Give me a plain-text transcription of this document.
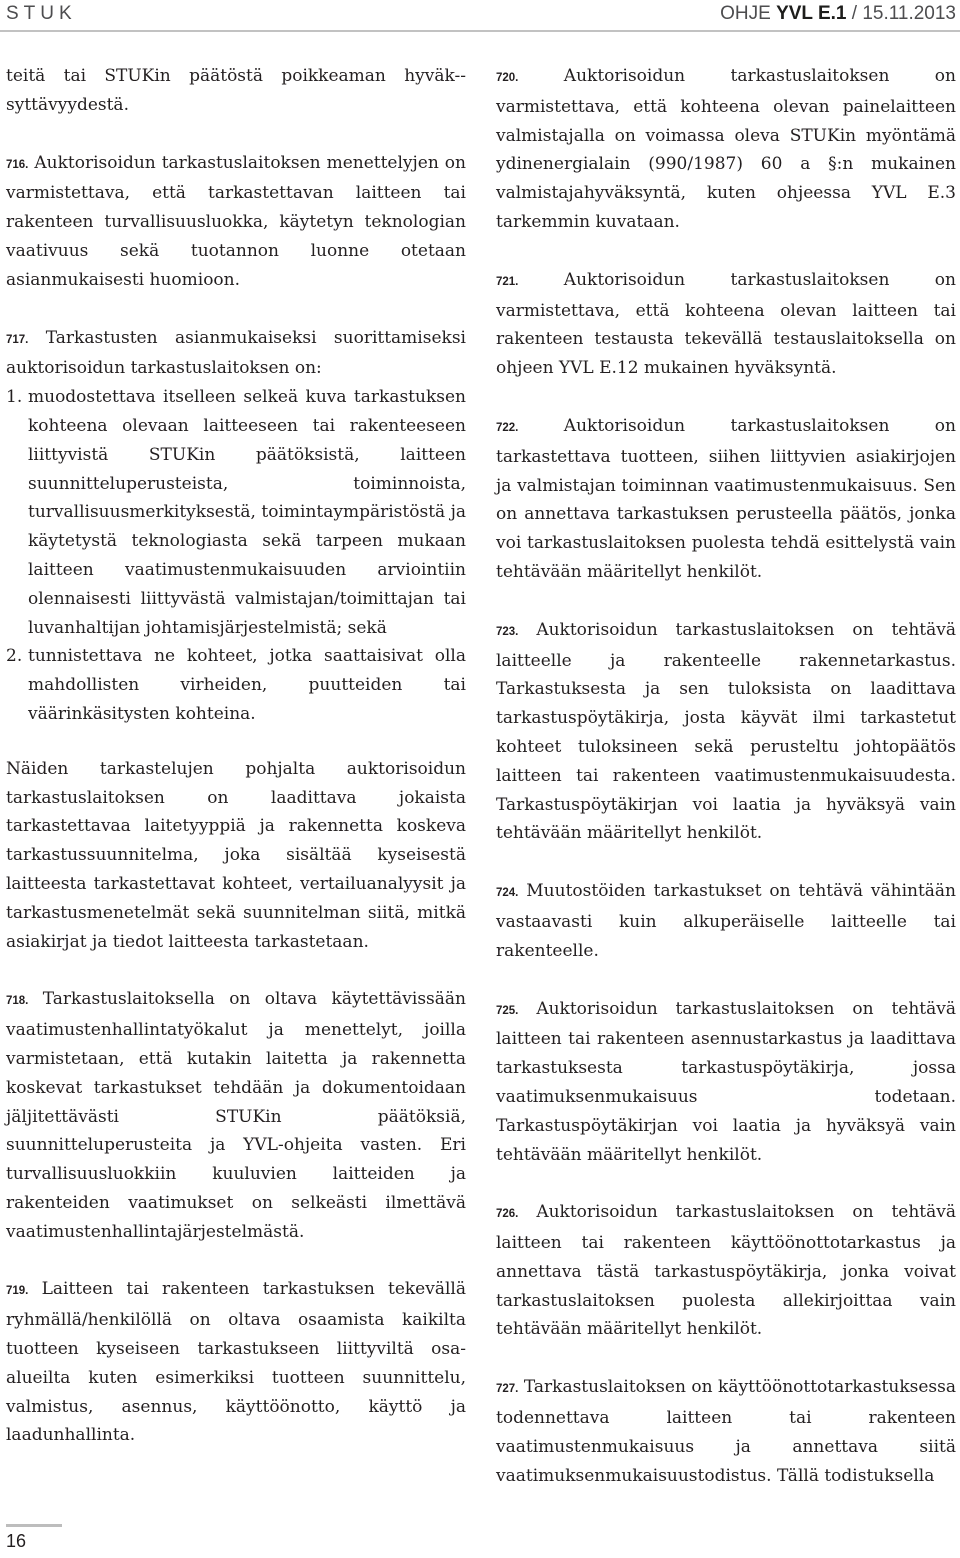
STUK	OHJE YVL E.1 / 15.11.2013

teitä tai STUKin päätöstä poikkeaman hyväk-syttävyydestä.

716. Auktorisoidun tarkastuslaitoksen menettelyjen on varmistettava, että tarkastettavan laitteen tai rakenteen turvallisuusluokka, käytetyn teknologian vaativuus sekä tuotannon luonne otetaan asianmukaisesti huomioon.

717. Tarkastusten asianmukaiseksi suorittamiseksi auktorisoidun tarkastuslaitoksen on:

1. muodostettava itselleen selkeä kuva tarkastuksen kohteena olevaan laitteeseen tai rakenteeseen liittyvistä STUKin päätöksistä, laitteen suunnitteluperusteista, toiminnoista, turvallisuusmerkityksestä, toimintaympäristöstä ja käytetystä teknologiasta sekä tarpeen mukaan laitteen vaatimustenmukaisuuden arviointiin olennaisesti liittyvästä valmistajan/toimittajan tai luvanhaltijan johtamisjärjestelmistä; sekä
2. tunnistettava ne kohteet, jotka saattaisivat olla mahdollisten virheiden, puutteiden tai väärinkäsitysten kohteina.

Näiden tarkastelujen pohjalta auktorisoidun tarkastuslaitoksen on laadittava jokaista tarkastettavaa laitetyyppiä ja rakennetta koskeva tarkastussuunnitelma, joka sisältää kyseisestä laitteesta tarkastettavat kohteet, vertailuanalyysit ja tarkastusmenetelmät sekä suunnitelman siitä, mitkä asiakirjat ja tiedot laitteesta tarkastetaan.

718. Tarkastuslaitoksella on oltava käytettävissään vaatimustenhallintatyökalut ja menettelyt, joilla varmistetaan, että kutakin laitetta ja rakennetta koskevat tarkastukset tehdään ja dokumentoidaan jäljitettävästi STUKin päätöksiä, suunnitteluperusteita ja YVL-ohjeita vasten. Eri turvallisuusluokkiin kuuluvien laitteiden ja rakenteiden vaatimukset on selkeästi ilmettävä vaatimustenhallintajärjestelmästä.

719. Laitteen tai rakenteen tarkastuksen tekevällä ryhmällä/henkilöllä on oltava osaamista kaikilta tuotteen kyseiseen tarkastukseen liittyviltä osa-alueilta kuten esimerkiksi tuotteen suunnittelu, valmistus, asennus, käyttöönotto, käyttö ja laadunhallinta.

720.	Auktorisoidun tarkastuslaitoksen on varmistettava, että kohteena olevan painelaitteen valmistajalla on voimassa oleva STUKin myöntämä ydinenergialain (990/1987) 60 a §:n mukainen valmistajahyväksyntä, kuten ohjeessa YVL E.3 tarkemmin kuvataan.

721.	Auktorisoidun tarkastuslaitoksen on varmistettava, että kohteena olevan laitteen tai rakenteen testausta tekevällä testauslaitoksella on ohjeen YVL E.12 mukainen hyväksyntä.

722.	Auktorisoidun tarkastuslaitoksen on tarkastettava tuotteen, siihen liittyvien asiakirjojen ja valmistajan toiminnan vaatimustenmukaisuus. Sen on annettava tarkastuksen perusteella päätös, jonka voi tarkastuslaitoksen puolesta tehdä esittelystä vain tehtävään määritellyt henkilöt.

723. Auktorisoidun tarkastuslaitoksen on tehtävä laitteelle ja rakenteelle rakennetarkastus. Tarkastuksesta ja sen tuloksista on laadittava tarkastuspöytäkirja, josta käyvät ilmi tarkastetut kohteet tuloksineen sekä perusteltu johtopäätös laitteen tai rakenteen vaatimustenmukaisuudesta. Tarkastuspöytäkirjan voi laatia ja hyväksyä vain tehtävään määritellyt henkilöt.

724. Muutostöiden tarkastukset on tehtävä vähintään vastaavasti kuin alkuperäiselle laitteelle tai rakenteelle.

725. Auktorisoidun tarkastuslaitoksen on tehtävä laitteen tai rakenteen asennustarkastus ja laadittava tarkastuksesta tarkastuspöytäkirja, jossa vaatimuksenmukaisuus todetaan. Tarkastuspöytäkirjan voi laatia ja hyväksyä vain tehtävään määritellyt henkilöt.

726. Auktorisoidun tarkastuslaitoksen on tehtävä laitteen tai rakenteen käyttöönottotarkastus ja annettava tästä tarkastuspöytäkirja, jonka voivat tarkastuslaitoksen puolesta allekirjoittaa vain tehtävään määritellyt henkilöt.

727. Tarkastuslaitoksen on käyttöönottotarkastuksessa todennettava laitteen tai rakenteen vaatimustenmukaisuus ja annettava siitä vaatimuksenmukaisuustodistus. Tällä todistuksella

16
